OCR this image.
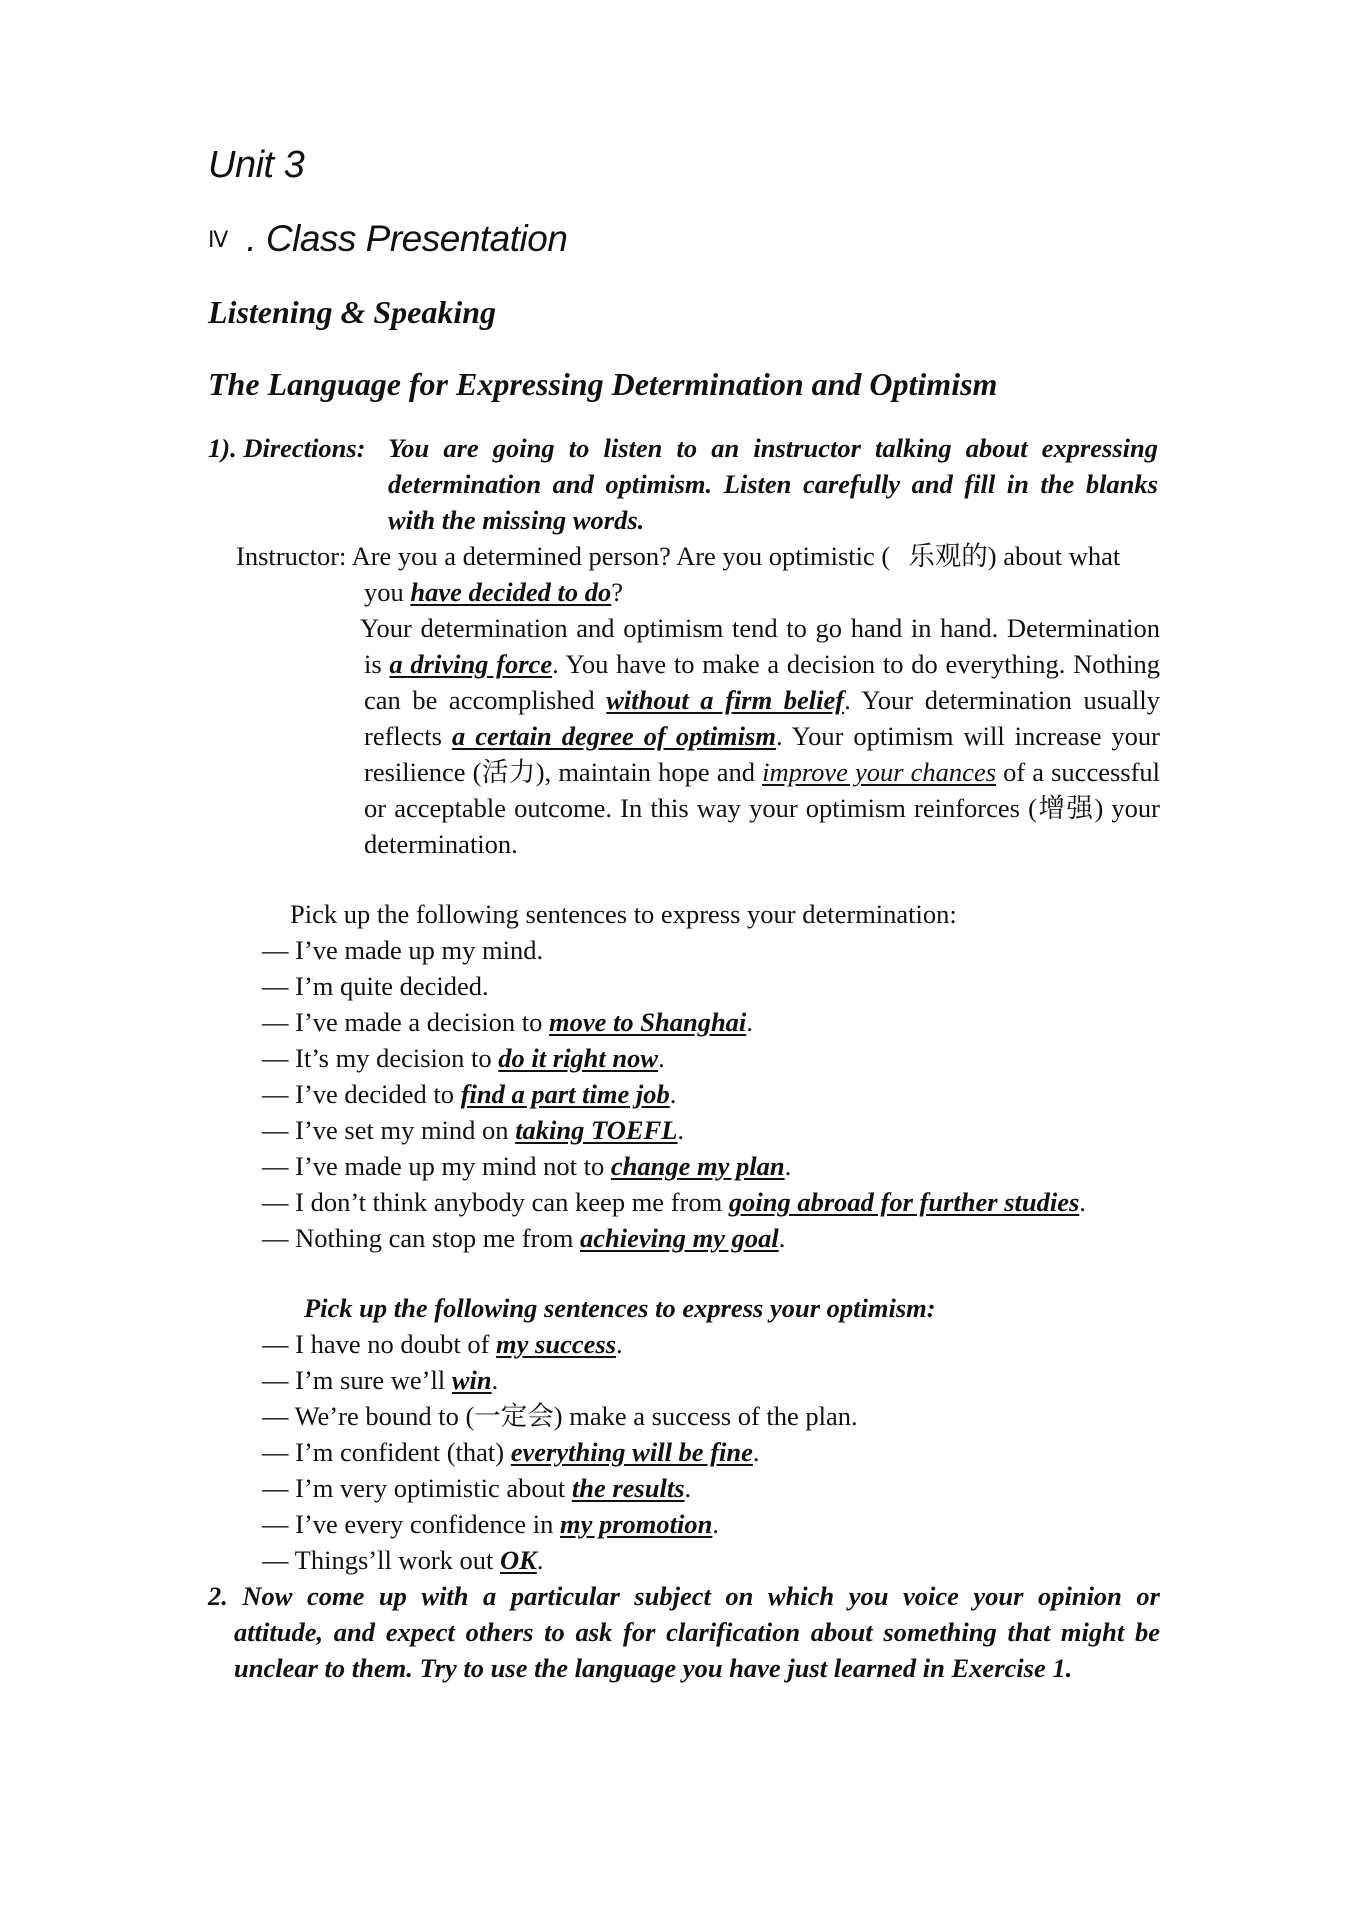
Unit 3
Ⅳ . Class Presentation
Listening & Speaking
The Language for Expressing Determination and Optimism
1). Directions: You are going to listen to an instructor talking about expressing determination and optimism. Listen carefully and fill in the blanks with the missing words.
Instructor: Are you a determined person? Are you optimistic ( 乐观的) about what
you have decided to do?
Your determination and optimism tend to go hand in hand. Determination is a driving force. You have to make a decision to do everything. Nothing can be accomplished without a firm belief. Your determination usually reflects a certain degree of optimism. Your optimism will increase your resilience (活力), maintain hope and improve your chances of a successful or acceptable outcome. In this way your optimism reinforces (增强) your determination.
Pick up the following sentences to express your determination:
— I’ve made up my mind.
— I’m quite decided.
— I’ve made a decision to move to Shanghai.
— It’s my decision to do it right now.
— I’ve decided to find a part time job.
— I’ve set my mind on taking TOEFL.
— I’ve made up my mind not to change my plan.
— I don’t think anybody can keep me from going abroad for further studies.
— Nothing can stop me from achieving my goal.
Pick up the following sentences to express your optimism:
— I have no doubt of my success.
— I’m sure we’ll win.
— We’re bound to (一定会) make a success of the plan.
— I’m confident (that) everything will be fine.
— I’m very optimistic about the results.
— I’ve every confidence in my promotion.
— Things’ll work out OK.
2. Now come up with a particular subject on which you voice your opinion or
attitude, and expect others to ask for clarification about something that might be unclear to them. Try to use the language you have just learned in Exercise 1.
